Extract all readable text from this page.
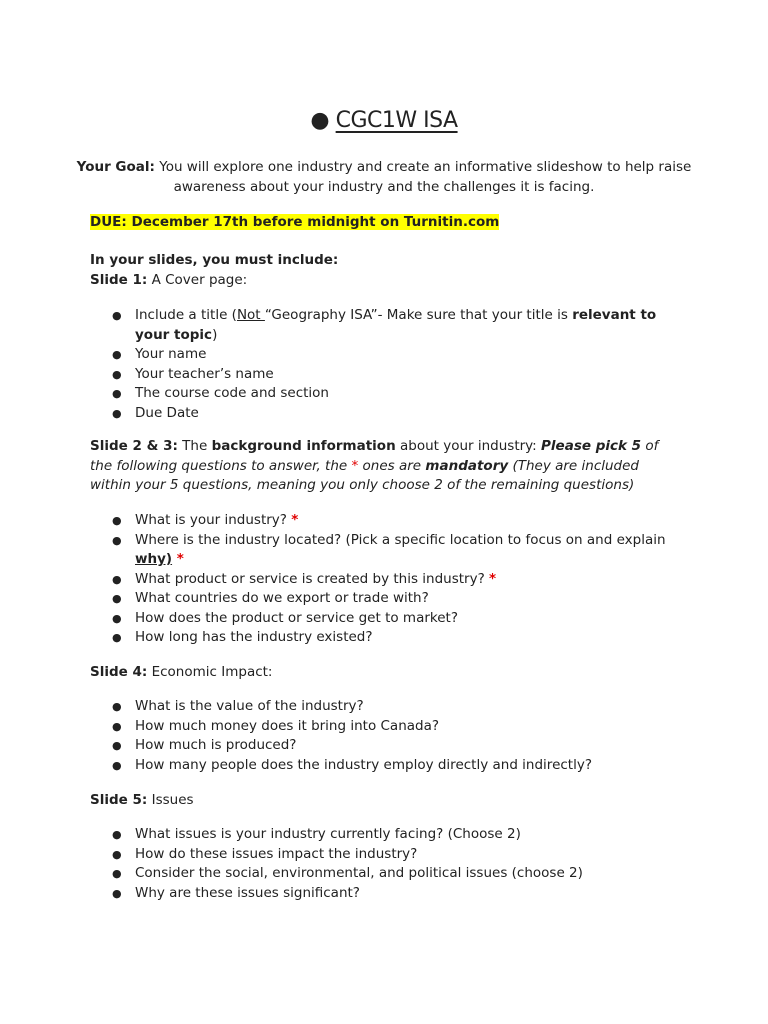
● CGC1W ISA
Your Goal: You will explore one industry and create an informative slideshow to help raise awareness about your industry and the challenges it is facing.
DUE: December 17th before midnight on Turnitin.com
In your slides, you must include:
Slide 1: A Cover page:
● Include a title (Not “Geography ISA”- Make sure that your title is relevant to your topic)
● Your name
● Your teacher’s name
● The course code and section
● Due Date
Slide 2 & 3: The background information about your industry: Please pick 5 of the following questions to answer, the * ones are mandatory (They are included within your 5 questions, meaning you only choose 2 of the remaining questions)
● What is your industry? *
● Where is the industry located? (Pick a specific location to focus on and explain why) *
● What product or service is created by this industry? *
● What countries do we export or trade with?
● How does the product or service get to market?
● How long has the industry existed?
Slide 4: Economic Impact:
● What is the value of the industry?
● How much money does it bring into Canada?
● How much is produced?
● How many people does the industry employ directly and indirectly?
Slide 5: Issues
● What issues is your industry currently facing? (Choose 2)
● How do these issues impact the industry?
● Consider the social, environmental, and political issues (choose 2)
● Why are these issues significant?
